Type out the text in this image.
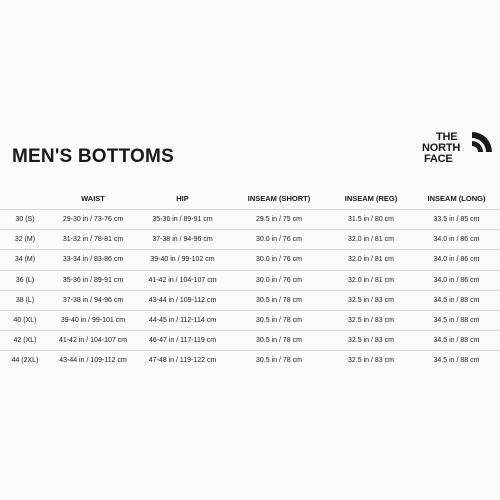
MEN'S BOTTOMS
THE
NORTH
FACE
	WAIST	HIP	INSEAM (SHORT)	INSEAM (REG)	INSEAM (LONG)
30 (S)	29-30 in / 73-76 cm	35-36 in / 89-91 cm	29.5 in / 75 cm	31.5 in / 80 cm	33.5 in / 85 cm
32 (M)	31-32 in / 78-81 cm	37-38 in / 94-96 cm	30.0 in / 76 cm	32.0 in / 81 cm	34.0 in / 86 cm
34 (M)	33-34 in / 83-86 cm	39-40 in / 99-102 cm	30.0 in / 76 cm	32.0 in / 81 cm	34.0 in / 86 cm
36 (L)	35-36 in / 89-91 cm	41-42 in / 104-107 cm	30.0 in / 76 cm	32.0 in / 81 cm	34.0 in / 86 cm
38 (L)	37-38 in / 94-96 cm	43-44 in / 109-112 cm	30.5 in / 78 cm	32.5 in / 83 cm	34.5 in / 88 cm
40 (XL)	39-40 in / 99-101 cm	44-45 in / 112-114 cm	30.5 in / 78 cm	32.5 in / 83 cm	34.5 in / 88 cm
42 (XL)	41-42 in / 104-107 cm	46-47 in / 117-119 cm	30.5 in / 78 cm	32.5 in / 83 cm	34.5 in / 88 cm
44 (2XL)	43-44 in / 109-112 cm	47-48 in / 119-122 cm	30.5 in / 78 cm	32.5 in / 83 cm	34.5 in / 88 cm
